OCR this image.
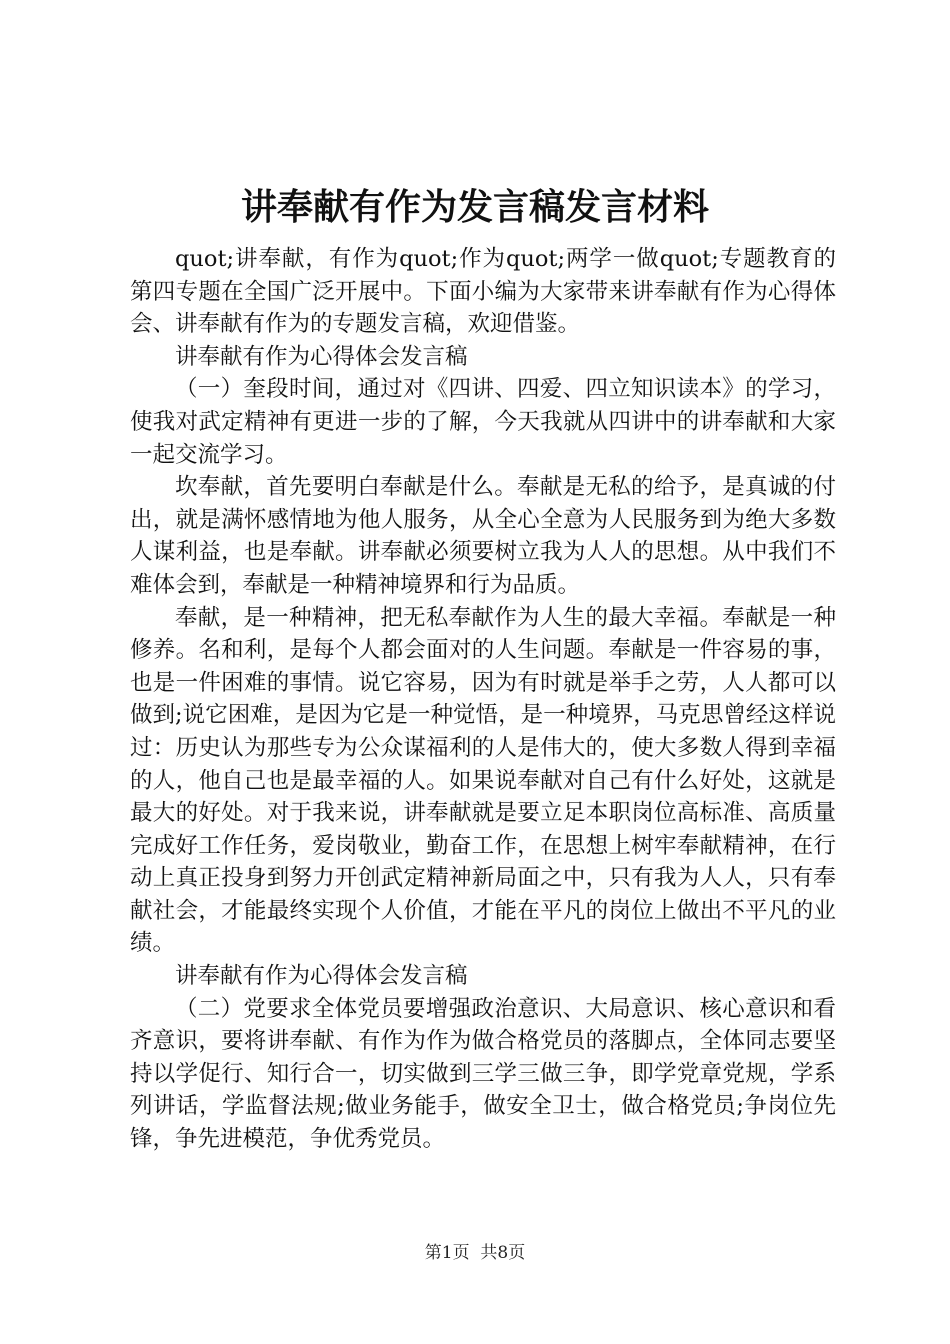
讲奉献有作为发言稿发言材料

quot;讲奉献，有作为quot;作为quot;两学一做quot;专题教育的第四专题在全国广泛开展中。下面小编为大家带来讲奉献有作为心得体会、讲奉献有作为的专题发言稿，欢迎借鉴。

讲奉献有作为心得体会发言稿

（一）奎段时间，通过对《四讲、四爱、四立知识读本》的学习，使我对武定精神有更进一步的了解，今天我就从四讲中的讲奉献和大家一起交流学习。

坎奉献，首先要明白奉献是什么。奉献是无私的给予，是真诚的付出，就是满怀感情地为他人服务，从全心全意为人民服务到为绝大多数人谋利益，也是奉献。讲奉献必须要树立我为人人的思想。从中我们不难体会到，奉献是一种精神境界和行为品质。

奉献，是一种精神，把无私奉献作为人生的最大幸福。奉献是一种修养。名和利，是每个人都会面对的人生问题。奉献是一件容易的事，也是一件困难的事情。说它容易，因为有时就是举手之劳，人人都可以做到;说它困难，是因为它是一种觉悟，是一种境界，马克思曾经这样说过：历史认为那些专为公众谋福利的人是伟大的，使大多数人得到幸福的人，他自己也是最幸福的人。如果说奉献对自己有什么好处，这就是最大的好处。对于我来说，讲奉献就是要立足本职岗位高标准、高质量完成好工作任务，爱岗敬业，勤奋工作，在思想上树牢奉献精神，在行动上真正投身到努力开创武定精神新局面之中，只有我为人人，只有奉献社会，才能最终实现个人价值，才能在平凡的岗位上做出不平凡的业绩。

讲奉献有作为心得体会发言稿

（二）党要求全体党员要增强政治意识、大局意识、核心意识和看齐意识，要将讲奉献、有作为作为做合格党员的落脚点，全体同志要坚持以学促行、知行合一，切实做到三学三做三争，即学党章党规，学系列讲话，学监督法规;做业务能手，做安全卫士，做合格党员;争岗位先锋，争先进模范，争优秀党员。

第1页 共8页
